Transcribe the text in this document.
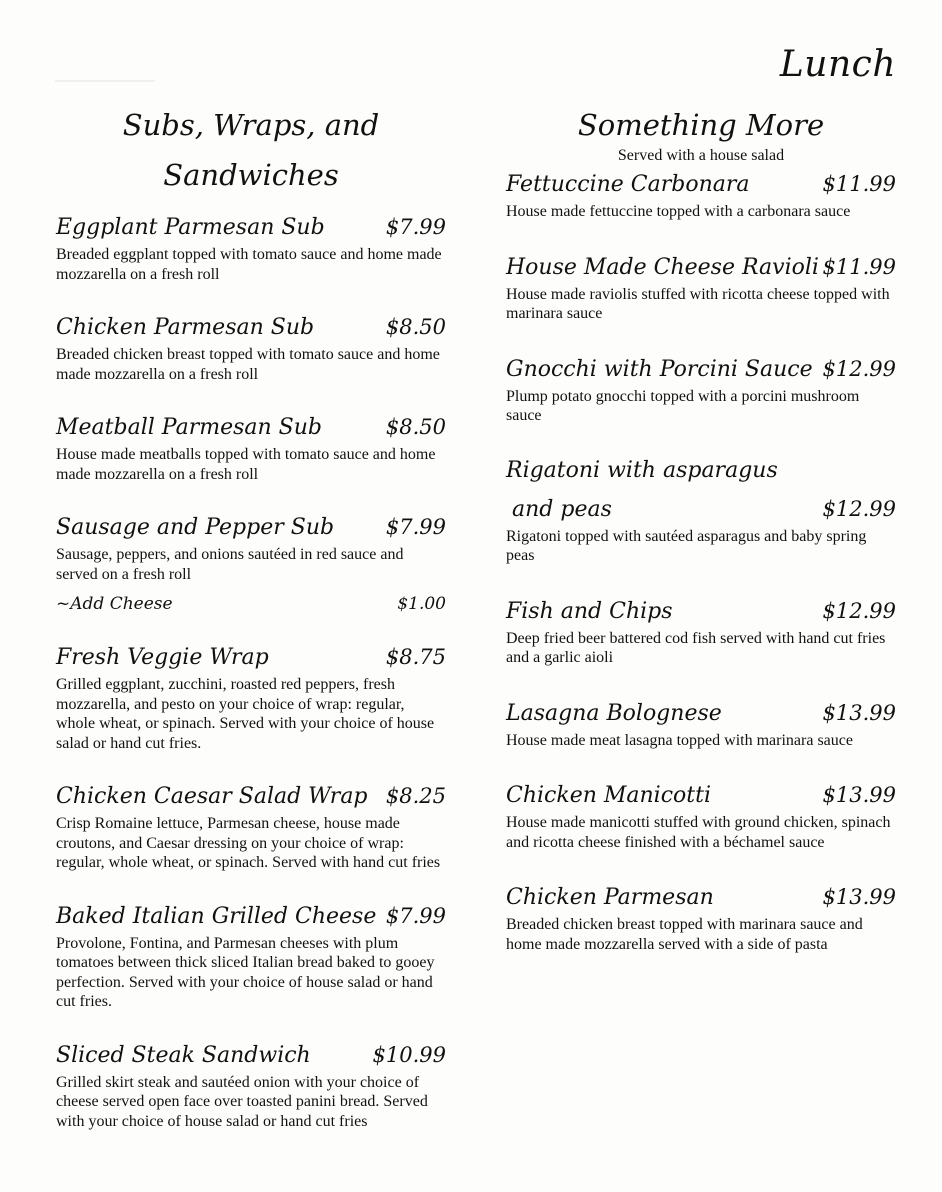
Lunch
Subs, Wraps, and
Sandwiches
Eggplant Parmesan Sub	$7.99
Breaded eggplant topped with tomato sauce and home made mozzarella on a fresh roll
Chicken Parmesan Sub	$8.50
Breaded chicken breast topped with tomato sauce and home made mozzarella on a fresh roll
Meatball Parmesan Sub	$8.50
House made meatballs topped with tomato sauce and home made mozzarella on a fresh roll
Sausage and Pepper Sub $7.99
Sausage, peppers, and onions sautéed in red sauce and served on a fresh roll
~Add Cheese	$1.00
Fresh Veggie Wrap	$8.75
Grilled eggplant, zucchini, roasted red peppers, fresh mozzarella, and pesto on your choice of wrap: regular, whole wheat, or spinach. Served with your choice of house salad or hand cut fries.
Chicken Caesar Salad Wrap $8.25
Crisp Romaine lettuce, Parmesan cheese, house made croutons, and Caesar dressing on your choice of wrap: regular, whole wheat, or spinach. Served with hand cut fries
Baked Italian Grilled Cheese $7.99
Provolone, Fontina, and Parmesan cheeses with plum tomatoes between thick sliced Italian bread baked to gooey perfection. Served with your choice of house salad or hand cut fries.
Sliced Steak Sandwich	$10.99
Grilled skirt steak and sautéed onion with your choice of cheese served open face over toasted panini bread. Served with your choice of house salad or hand cut fries
Something More

Served with a house salad

Fettuccine Carbonara	$11.99
House made fettuccine topped with a carbonara sauce
House Made Cheese Ravioli $11.99
House made raviolis stuffed with ricotta cheese topped with marinara sauce
Gnocchi with Porcini Sauce $12.99
Plump potato gnocchi topped with a porcini mushroom sauce
Rigatoni with asparagus
and peas	$12.99
Rigatoni topped with sautéed asparagus and baby spring peas
Fish and Chips	$12.99
Deep fried beer battered cod fish served with hand cut fries and a garlic aioli
Lasagna Bolognese	$13.99
House made meat lasagna topped with marinara sauce
Chicken Manicotti	$13.99
House made manicotti stuffed with ground chicken, spinach and ricotta cheese finished with a béchamel sauce
Chicken Parmesan	$13.99
Breaded chicken breast topped with marinara sauce and home made mozzarella served with a side of pasta
